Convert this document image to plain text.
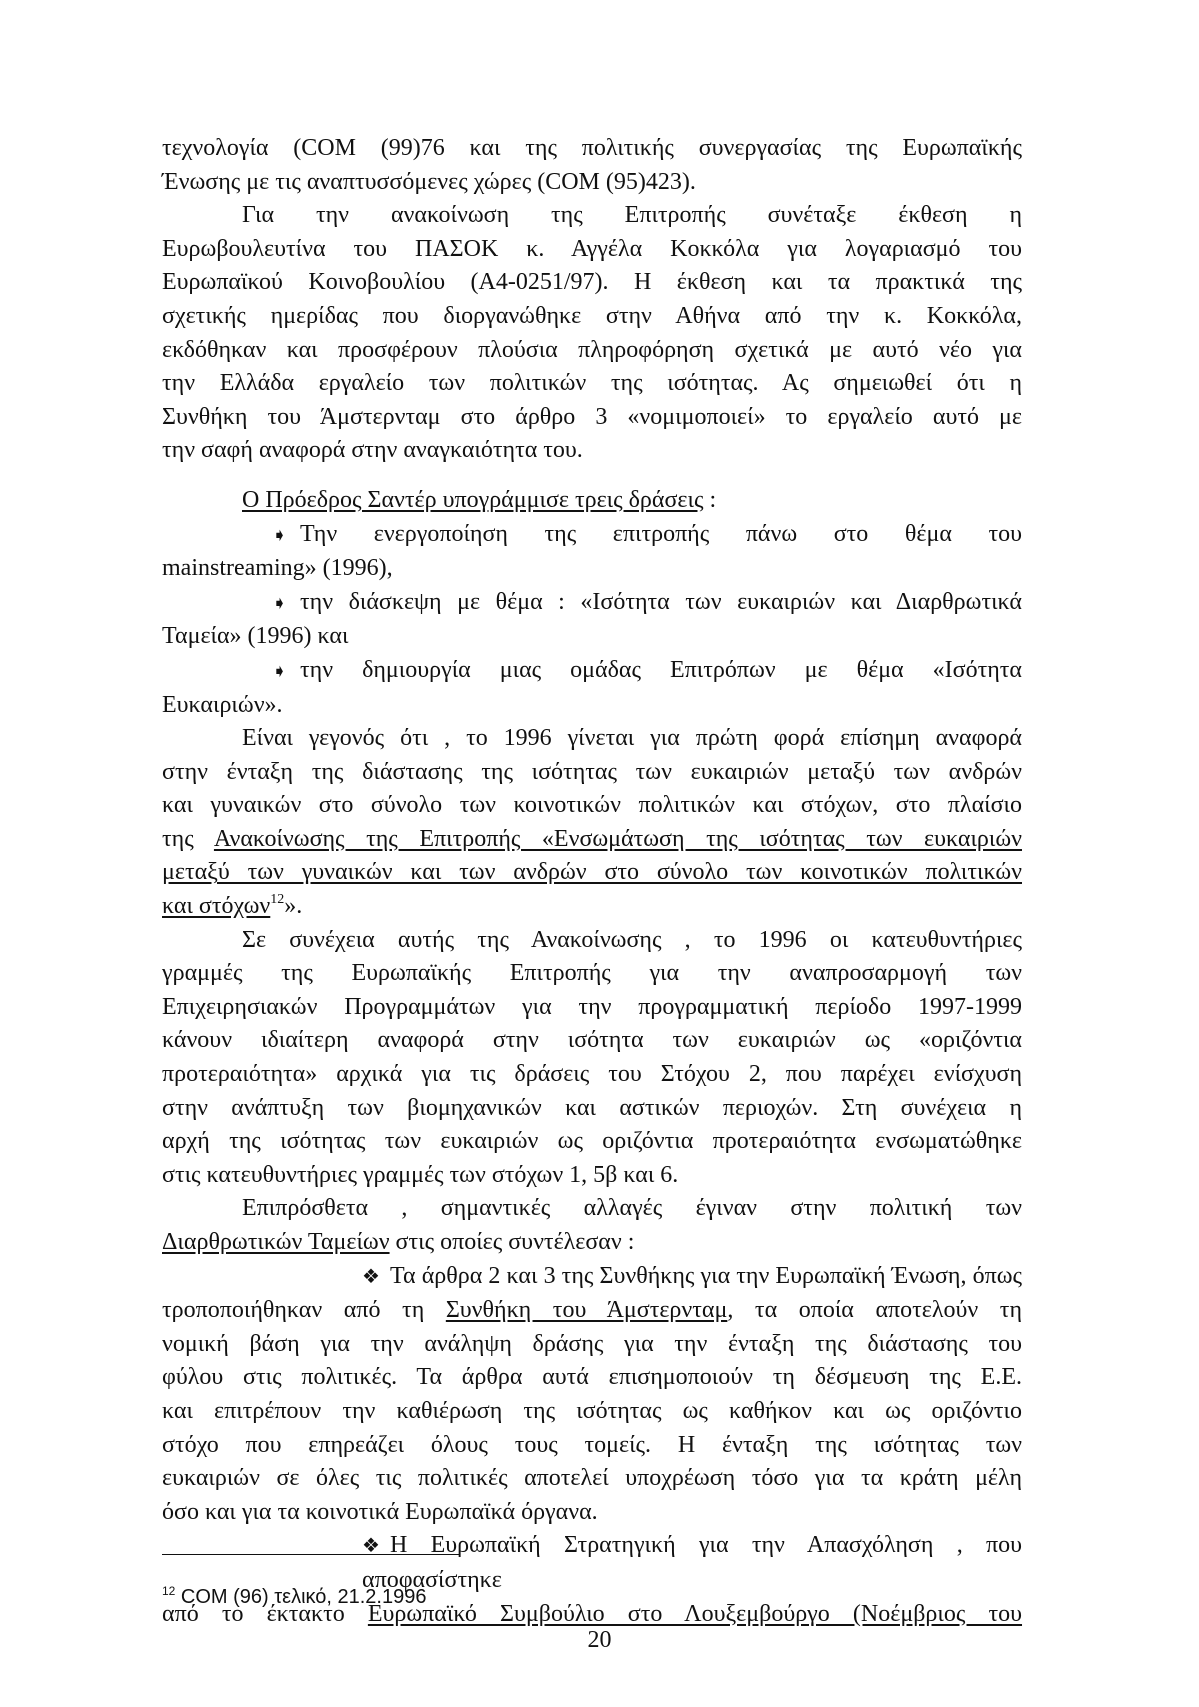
τεχνολογία (COM (99)76 και της πολιτικής συνεργασίας της Ευρωπαϊκής
Ένωσης με τις αναπτυσσόμενες χώρες (COM (95)423).

Για την ανακοίνωση της Επιτροπής συνέταξε έκθεση η
Ευρωβουλευτίνα του ΠΑΣΟΚ κ. Αγγέλα Κοκκόλα για λογαριασμό του
Ευρωπαϊκού Κοινοβουλίου (Α4-0251/97). Η έκθεση και τα πρακτικά της
σχετικής ημερίδας που διοργανώθηκε στην Αθήνα από την κ. Κοκκόλα,
εκδόθηκαν και προσφέρουν πλούσια πληροφόρηση σχετικά με αυτό νέο για
την Ελλάδα εργαλείο των πολιτικών της ισότητας. Ας σημειωθεί ότι η
Συνθήκη του Άμστερνταμ στο άρθρο 3 «νομιμοποιεί» το εργαλείο αυτό με
την σαφή αναφορά στην αναγκαιότητα του.

Ο Πρόεδρος Σαντέρ υπογράμμισε τρεις δράσεις :
➧ Την ενεργοποίηση της επιτροπής πάνω στο θέμα του
mainstreaming» (1996),
➧ την διάσκεψη με θέμα : «Ισότητα των ευκαιριών και Διαρθρωτικά
Ταμεία» (1996) και
➧ την δημιουργία μιας ομάδας Επιτρόπων με θέμα «Ισότητα
Ευκαιριών».

Είναι γεγονός ότι , το 1996 γίνεται για πρώτη φορά επίσημη αναφορά
στην ένταξη της διάστασης της ισότητας των ευκαιριών μεταξύ των ανδρών
και γυναικών στο σύνολο των κοινοτικών πολιτικών και στόχων, στο πλαίσιο
της Ανακοίνωσης της Επιτροπής «Ενσωμάτωση της ισότητας των ευκαιριών
μεταξύ των γυναικών και των ανδρών στο σύνολο των κοινοτικών πολιτικών
και στόχων$^{12}$».

Σε συνέχεια αυτής της Ανακοίνωσης , το 1996 οι κατευθυντήριες
γραμμές της Ευρωπαϊκής Επιτροπής για την αναπροσαρμογή των
Επιχειρησιακών Προγραμμάτων για την προγραμματική περίοδο 1997-1999
κάνουν ιδιαίτερη αναφορά στην ισότητα των ευκαιριών ως «οριζόντια
προτεραιότητα» αρχικά για τις δράσεις του Στόχου 2, που παρέχει ενίσχυση
στην ανάπτυξη των βιομηχανικών και αστικών περιοχών. Στη συνέχεια η
αρχή της ισότητας των ευκαιριών ως οριζόντια προτεραιότητα ενσωματώθηκε
στις κατευθυντήριες γραμμές των στόχων 1, 5β και 6.

Επιπρόσθετα , σημαντικές αλλαγές έγιναν στην πολιτική των
Διαρθρωτικών Ταμείων στις οποίες συντέλεσαν :

❖ Τα άρθρα 2 και 3 της Συνθήκης για την Ευρωπαϊκή Ένωση, όπως
τροποποιήθηκαν από τη Συνθήκη του Άμστερνταμ, τα οποία αποτελούν τη
νομική βάση για την ανάληψη δράσης για την ένταξη της διάστασης του
φύλου στις πολιτικές. Τα άρθρα αυτά επισημοποιούν τη δέσμευση της Ε.Ε.
και επιτρέπουν την καθιέρωση της ισότητας ως καθήκον και ως οριζόντιο
στόχο που επηρεάζει όλους τους τομείς. Η ένταξη της ισότητας των
ευκαιριών σε όλες τις πολιτικές αποτελεί υποχρέωση τόσο για τα κράτη μέλη
όσο και για τα κοινοτικά Ευρωπαϊκά όργανα.

❖ Η Ευρωπαϊκή Στρατηγική για την Απασχόληση , που αποφασίστηκε
από το έκτακτο Ευρωπαϊκό Συμβούλιο στο Λουξεμβούργο (Νοέμβριος του

$^{12}$ COM (96) τελικό, 21.2.1996
20
